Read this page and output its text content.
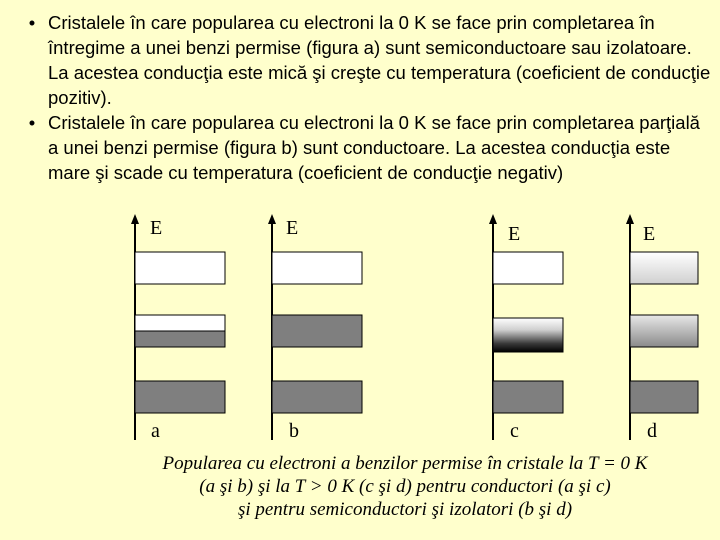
• Cristalele în care popularea cu electroni la 0 K se face prin completarea în întregime a unei benzi permise (figura a) sunt semiconductoare sau izolatoare. La acestea conducţia este mică şi creşte cu temperatura (coeficient de conducţie pozitiv).
• Cristalele în care popularea cu electroni la 0 K se face prin completarea parţială a unei benzi permise (figura b) sunt conductoare. La acestea conducţia este mare şi scade cu temperatura (coeficient de conducţie negativ)
E
a
E
b
E
c
E
d
Popularea cu electroni a benzilor permise în cristale la T = 0 K
(a şi b) şi la T > 0 K (c şi d) pentru conductori (a şi c)
şi pentru semiconductori şi izolatori (b şi d)
